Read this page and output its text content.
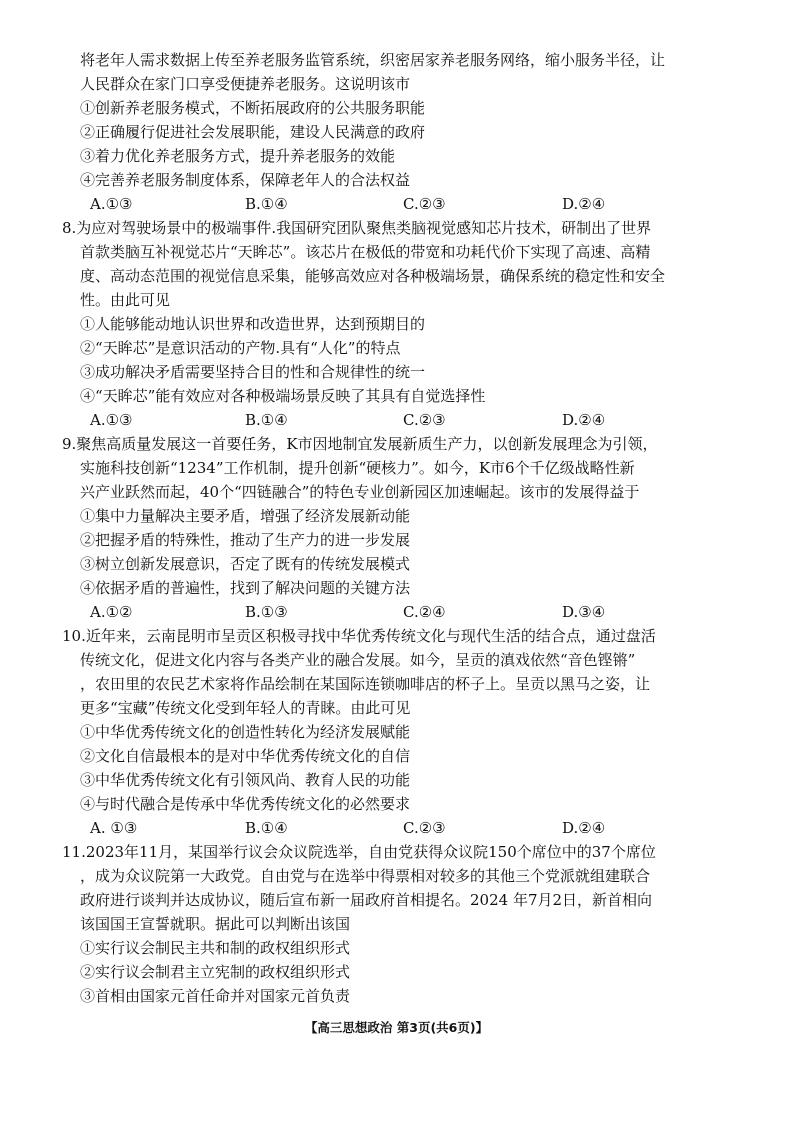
将老年人需求数据上传至养老服务监管系统，织密居家养老服务网络，缩小服务半径，让
人民群众在家门口享受便捷养老服务。这说明该市
①创新养老服务模式，不断拓展政府的公共服务职能
②正确履行促进社会发展职能，建设人民满意的政府
③着力优化养老服务方式，提升养老服务的效能
④完善养老服务制度体系，保障老年人的合法权益
A.①③	B.①④	C.②③	D.②④
8.为应对驾驶场景中的极端事件.我国研究团队聚焦类脑视觉感知芯片技术，研制出了世界
首款类脑互补视觉芯片“天眸芯”。该芯片在极低的带宽和功耗代价下实现了高速、高精
度、高动态范围的视觉信息采集，能够高效应对各种极端场景，确保系统的稳定性和安全
性。由此可见
①人能够能动地认识世界和改造世界，达到预期目的
②“天眸芯”是意识活动的产物.具有“人化”的特点
③成功解决矛盾需要坚持合目的性和合规律性的统一
④“天眸芯”能有效应对各种极端场景反映了其具有自觉选择性
A.①③	B.①④	C.②③	D.②④
9.聚焦高质量发展这一首要任务，K市因地制宜发展新质生产力，以创新发展理念为引领，
实施科技创新“1234”工作机制，提升创新“硬核力”。如今，K市6个千亿级战略性新
兴产业跃然而起，40个“四链融合”的特色专业创新园区加速崛起。该市的发展得益于
①集中力量解决主要矛盾，增强了经济发展新动能
②把握矛盾的特殊性，推动了生产力的进一步发展
③树立创新发展意识，否定了既有的传统发展模式
④依据矛盾的普遍性，找到了解决问题的关键方法
A.①②	B.①③	C.②④	D.③④
10.近年来，云南昆明市呈贡区积极寻找中华优秀传统文化与现代生活的结合点，通过盘活
传统文化，促进文化内容与各类产业的融合发展。如今，呈贡的滇戏依然“音色铿锵”
，农田里的农民艺术家将作品绘制在某国际连锁咖啡店的杯子上。呈贡以黑马之姿，让
更多“宝藏”传统文化受到年轻人的青睐。由此可见
①中华优秀传统文化的创造性转化为经济发展赋能
②文化自信最根本的是对中华优秀传统文化的自信
③中华优秀传统文化有引领风尚、教育人民的功能
④与时代融合是传承中华优秀传统文化的必然要求
A. ①③	B.①④	C.②③	D.②④
11.2023年11月，某国举行议会众议院选举，自由党获得众议院150个席位中的37个席位
，成为众议院第一大政党。自由党与在选举中得票相对较多的其他三个党派就组建联合
政府进行谈判并达成协议，随后宣布新一届政府首相提名。2024 年7月2日，新首相向
该国国王宣誓就职。据此可以判断出该国
①实行议会制民主共和制的政权组织形式
②实行议会制君主立宪制的政权组织形式
③首相由国家元首任命并对国家元首负责
【高三思想政治 第3页(共6页)】
